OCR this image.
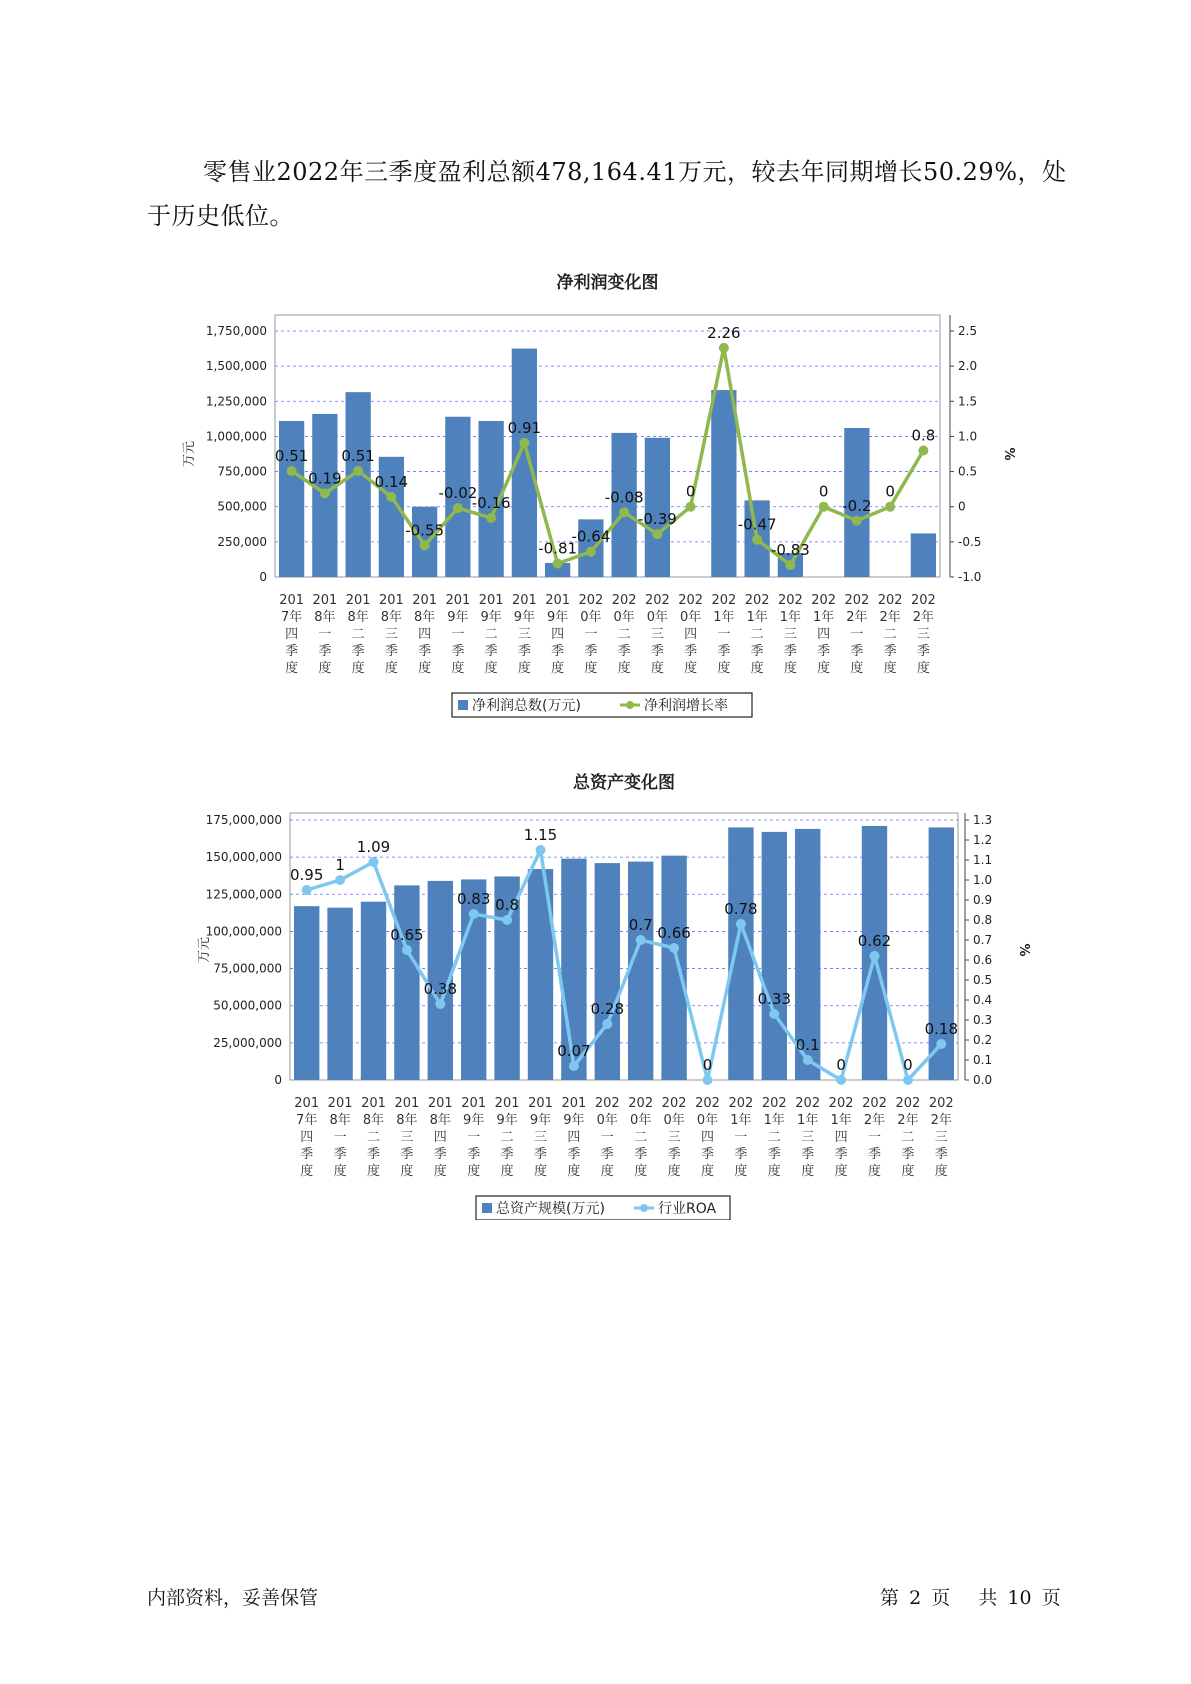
零售业2022年三季度盈利总额478,164.41万元，较去年同期增长50.29%，处于历史低位。
净利润变化图
0
250,000
500,000
750,000
1,000,000
1,250,000
1,500,000
1,750,000
-1.0
-0.5
0
0.5
1.0
1.5
2.0
2.5
万元	%
201
7年
四
季
度
201
8年
一
季
度
201
8年
二
季
度
201
8年
三
季
度
201
8年
四
季
度
201
9年
一
季
度
201
9年
二
季
度
201
9年
三
季
度
201
9年
四
季
度
202
0年
一
季
度
202
0年
二
季
度
202
0年
三
季
度
202
0年
四
季
度
202
1年
一
季
度
202
1年
二
季
度
202
1年
三
季
度
202
1年
四
季
度
202
2年
一
季
度
202
2年
二
季
度
202
2年
三
季
度
0.51
0.19
0.51
0.14
-0.55
-0.02
-0.16
0.91
-0.81
-0.64
-0.08
-0.39
0
2.26
-0.47
-0.83
0
-0.2
0
0.8
净利润总数(万元)	净利润增长率
总资产变化图
0
25,000,000
50,000,000
75,000,000
100,000,000
125,000,000
150,000,000
175,000,000
0.0
0.1
0.2
0.3
0.4
0.5
0.6
0.7
0.8
0.9
1.0
1.1
1.2
1.3
万元	%
201
7年
四
季
度
201
8年
一
季
度
201
8年
二
季
度
201
8年
三
季
度
201
8年
四
季
度
201
9年
一
季
度
201
9年
二
季
度
201
9年
三
季
度
201
9年
四
季
度
202
0年
一
季
度
202
0年
二
季
度
202
0年
三
季
度
202
0年
四
季
度
202
1年
一
季
度
202
1年
二
季
度
202
1年
三
季
度
202
1年
四
季
度
202
2年
一
季
度
202
2年
二
季
度
202
2年
三
季
度
0.95
1
1.09
0.65
0.38
0.83 0.8
1.15
0.07
0.28
0.7 0.66
0
0.78
0.33
0.1
0
0.62
0
0.18
总资产规模(万元)	行业ROA
内部资料，妥善保管	第 2 页 共 10 页
